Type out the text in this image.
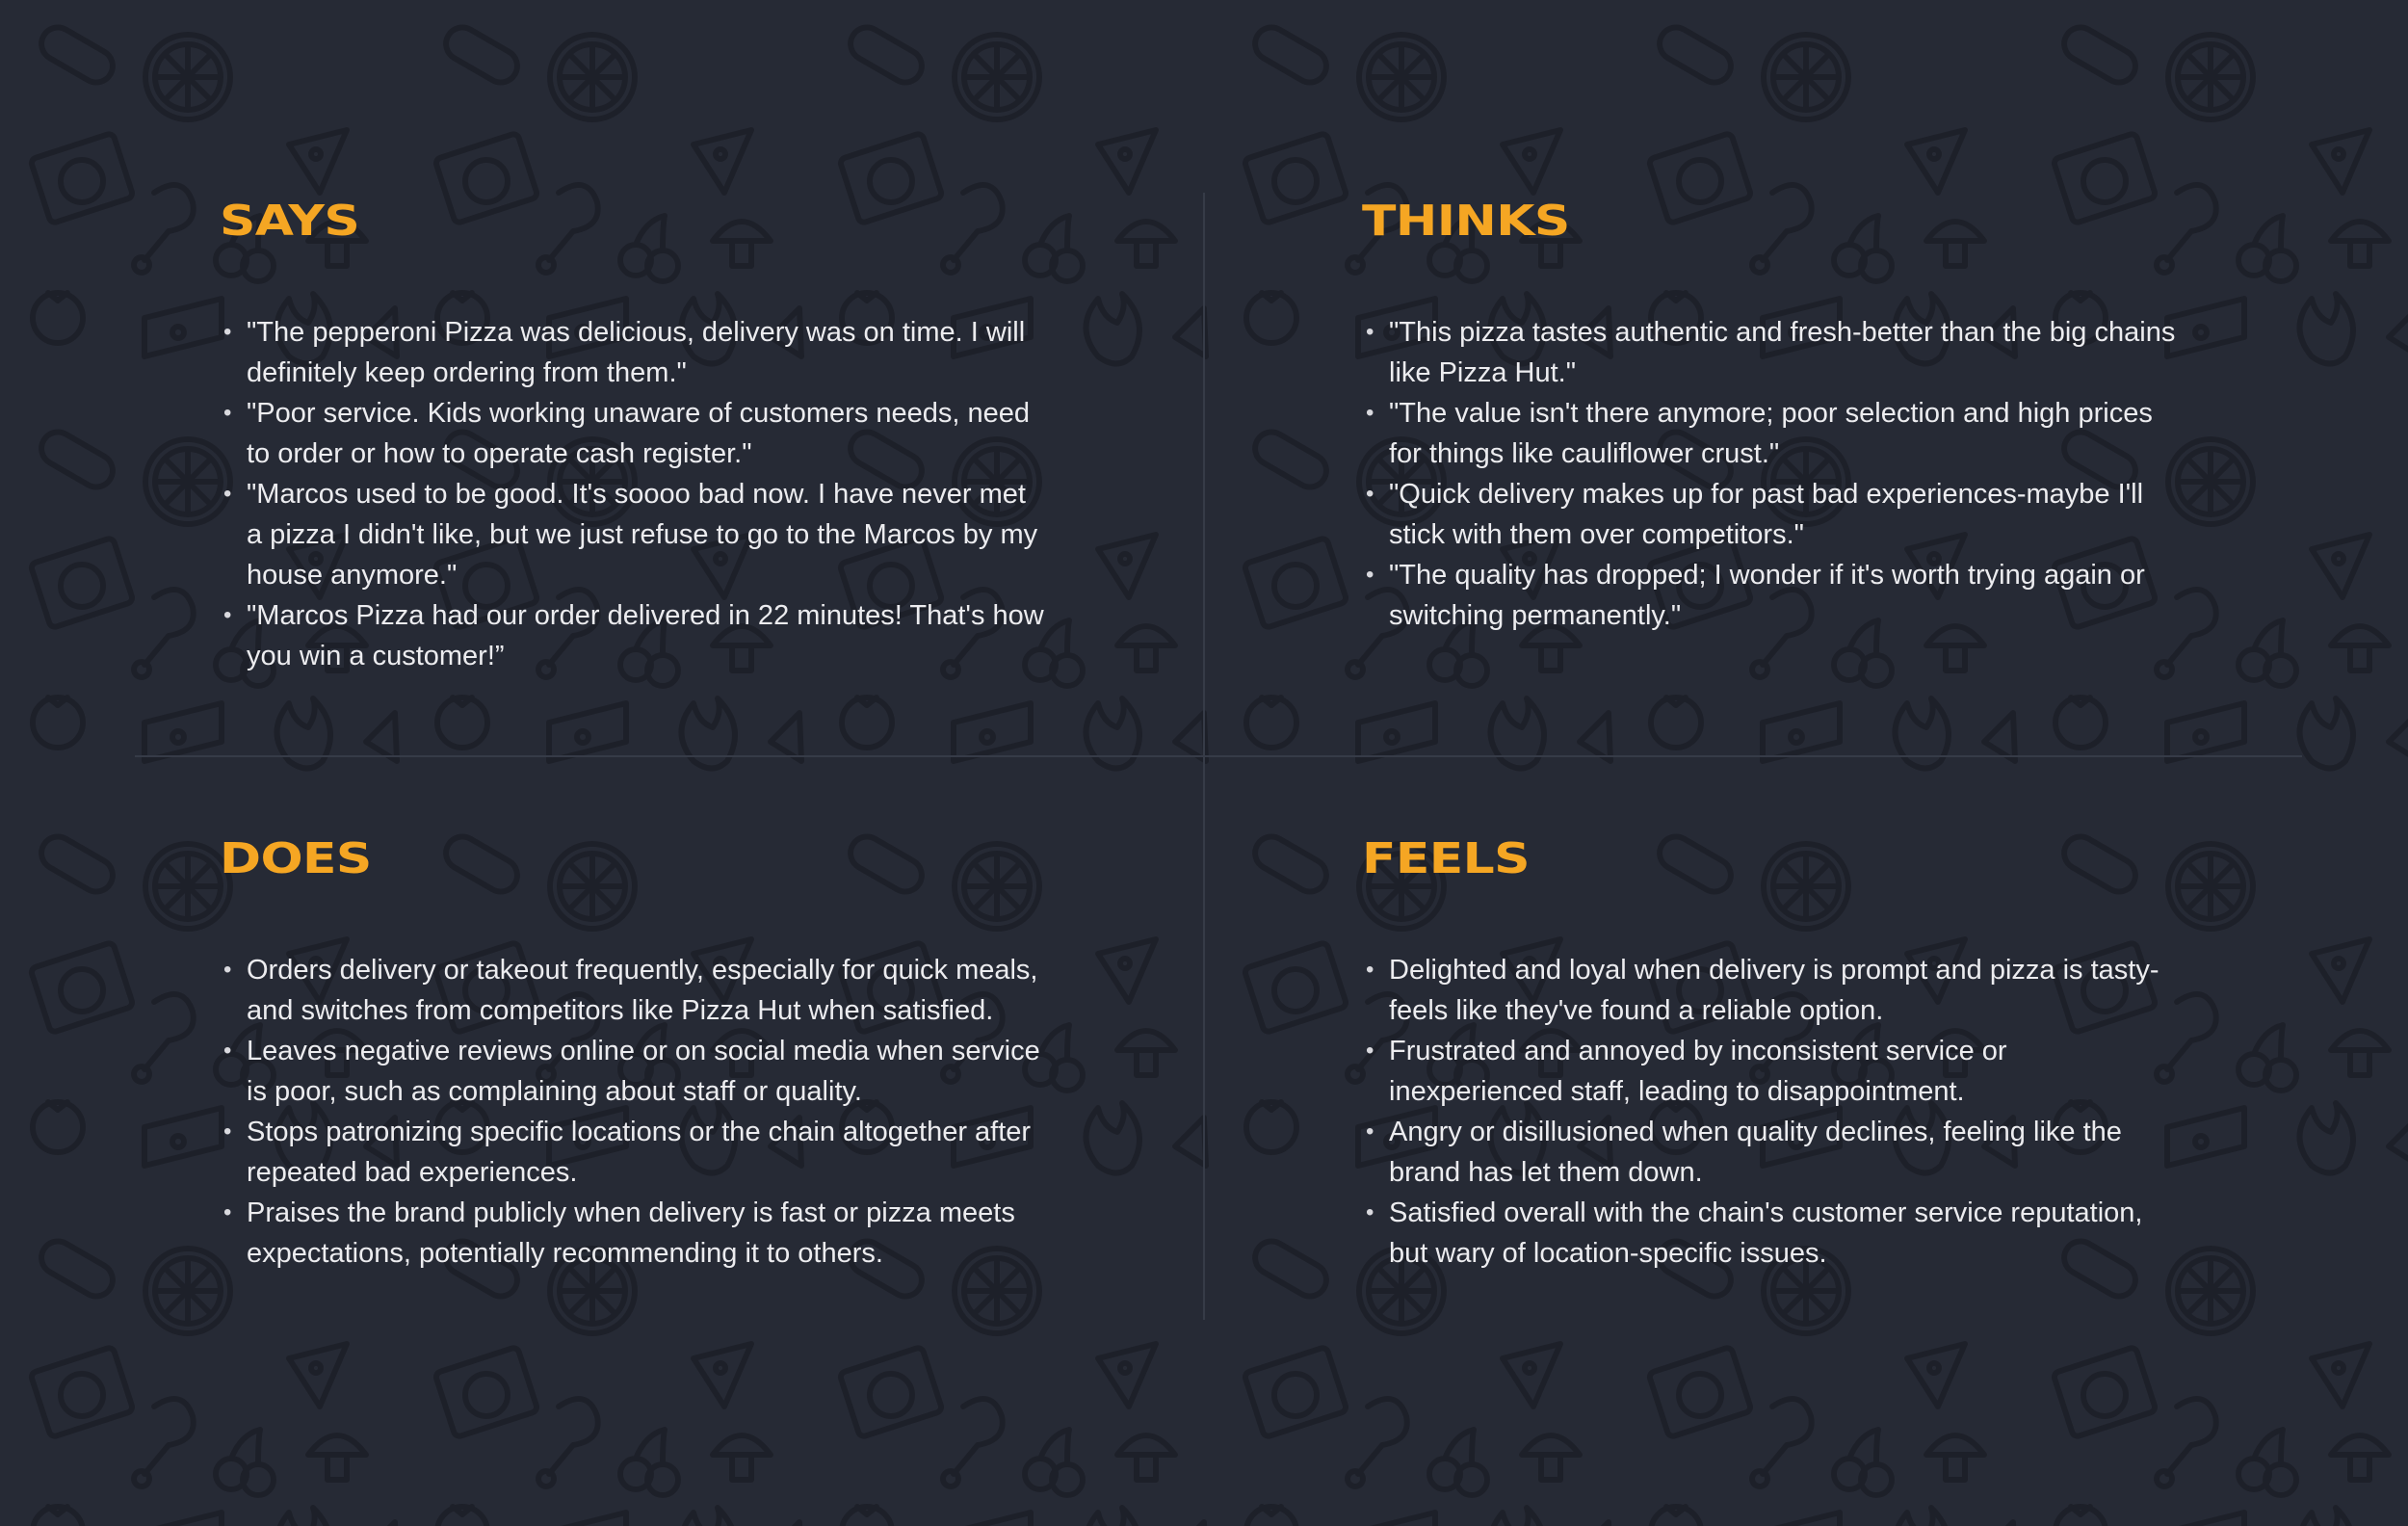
SAYS
• "The pepperoni Pizza was delicious, delivery was on time. I will definitely keep ordering from them."
• "Poor service. Kids working unaware of customers needs, need to order or how to operate cash register."
• "Marcos used to be good. It's soooo bad now. I have never met a pizza I didn't like, but we just refuse to go to the Marcos by my house anymore."
• "Marcos Pizza had our order delivered in 22 minutes! That's how you win a customer!”
THINKS
• "This pizza tastes authentic and fresh-better than the big chains like Pizza Hut."
• "The value isn't there anymore; poor selection and high prices for things like cauliflower crust."
• "Quick delivery makes up for past bad experiences-maybe I'll stick with them over competitors."
• "The quality has dropped; I wonder if it's worth trying again or switching permanently."
DOES
• Orders delivery or takeout frequently, especially for quick meals, and switches from competitors like Pizza Hut when satisfied.
• Leaves negative reviews online or on social media when service is poor, such as complaining about staff or quality.
• Stops patronizing specific locations or the chain altogether after repeated bad experiences.
• Praises the brand publicly when delivery is fast or pizza meets expectations, potentially recommending it to others.
FEELS
• Delighted and loyal when delivery is prompt and pizza is tasty-feels like they've found a reliable option.
• Frustrated and annoyed by inconsistent service or inexperienced staff, leading to disappointment.
• Angry or disillusioned when quality declines, feeling like the brand has let them down.
• Satisfied overall with the chain's customer service reputation, but wary of location-specific issues.
